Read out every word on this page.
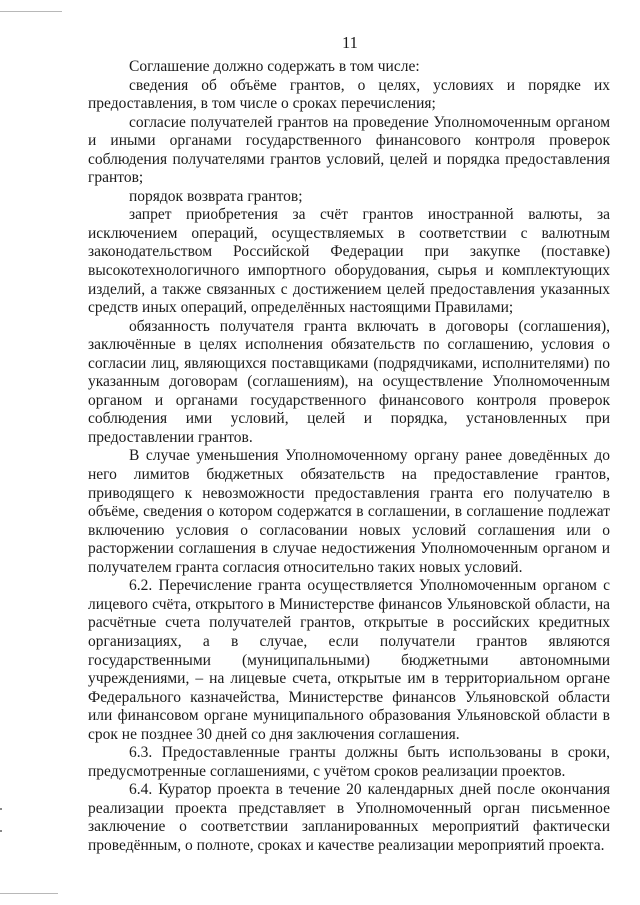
11

Соглашение должно содержать в том числе:

сведения об объёме грантов, о целях, условиях и порядке их предоставления, в том числе о сроках перечисления;

согласие получателей грантов на проведение Уполномоченным органом и иными органами государственного финансового контроля проверок соблюдения получателями грантов условий, целей и порядка предоставления грантов;

порядок возврата грантов;

запрет приобретения за счёт грантов иностранной валюты, за исключением операций, осуществляемых в соответствии с валютным законодательством Российской Федерации при закупке (поставке) высокотехнологичного импортного оборудования, сырья и комплектующих изделий, а также связанных с достижением целей предоставления указанных средств иных операций, определённых настоящими Правилами;

обязанность получателя гранта включать в договоры (соглашения), заключённые в целях исполнения обязательств по соглашению, условия о согласии лиц, являющихся поставщиками (подрядчиками, исполнителями) по указанным договорам (соглашениям), на осуществление Уполномоченным органом и органами государственного финансового контроля проверок соблюдения ими условий, целей и порядка, установленных при предоставлении грантов.

В случае уменьшения Уполномоченному органу ранее доведённых до него лимитов бюджетных обязательств на предоставление грантов, приводящего к невозможности предоставления гранта его получателю в объёме, сведения о котором содержатся в соглашении, в соглашение подлежат включению условия о согласовании новых условий соглашения или о расторжении соглашения в случае недостижения Уполномоченным органом и получателем гранта согласия относительно таких новых условий.

6.2. Перечисление гранта осуществляется Уполномоченным органом с лицевого счёта, открытого в Министерстве финансов Ульяновской области, на расчётные счета получателей грантов, открытые в российских кредитных организациях, а в случае, если получатели грантов являются государственными (муниципальными) бюджетными автономными учреждениями, – на лицевые счета, открытые им в территориальном органе Федерального казначейства, Министерстве финансов Ульяновской области или финансовом органе муниципального образования Ульяновской области в срок не позднее 30 дней со дня заключения соглашения.

6.3. Предоставленные гранты должны быть использованы в сроки, предусмотренные соглашениями, с учётом сроков реализации проектов.

6.4. Куратор проекта в течение 20 календарных дней после окончания реализации проекта представляет в Уполномоченный орган письменное заключение о соответствии запланированных мероприятий фактически проведённым, о полноте, сроках и качестве реализации мероприятий проекта.
